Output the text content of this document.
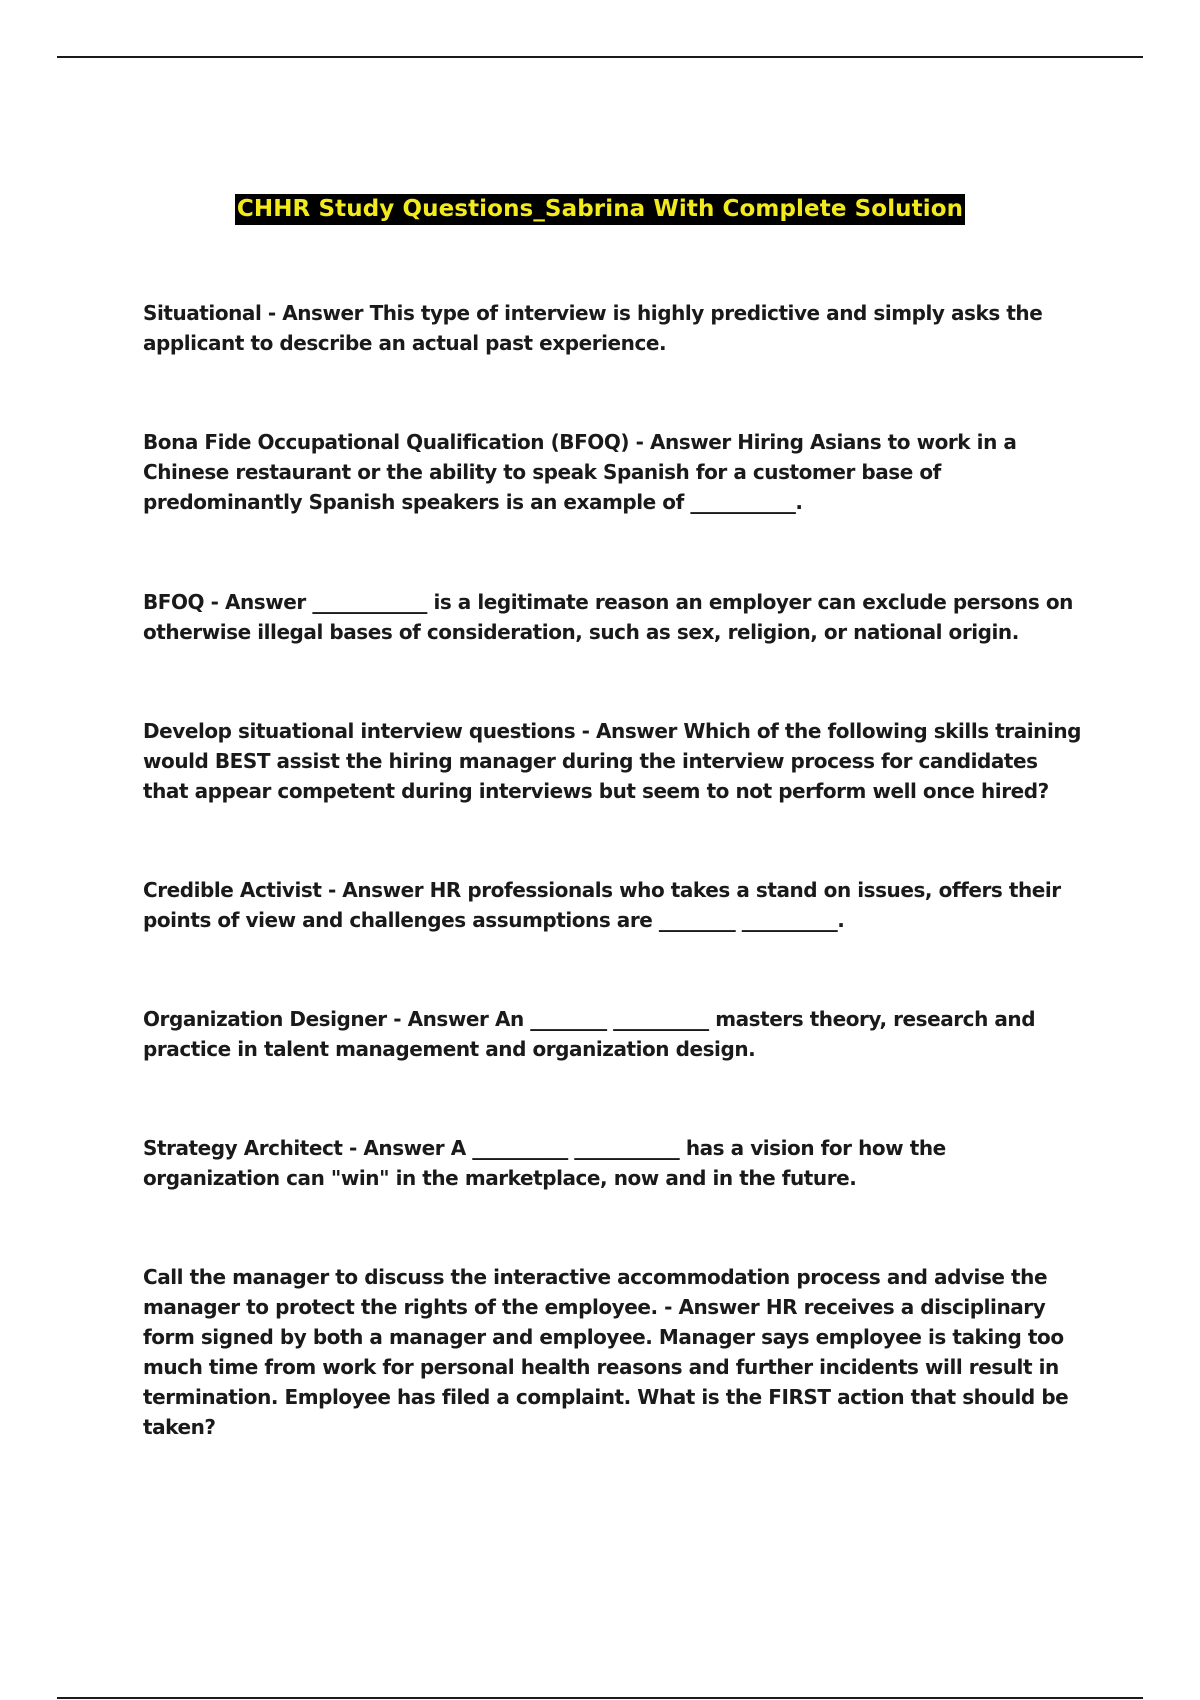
CHHR Study Questions_Sabrina With Complete Solution

Situational - Answer This type of interview is highly predictive and simply asks the applicant to describe an actual past experience.

Bona Fide Occupational Qualification (BFOQ) - Answer Hiring Asians to work in a Chinese restaurant or the ability to speak Spanish for a customer base of predominantly Spanish speakers is an example of ___________.

BFOQ - Answer ____________ is a legitimate reason an employer can exclude persons on otherwise illegal bases of consideration, such as sex, religion, or national origin.

Develop situational interview questions - Answer Which of the following skills training would BEST assist the hiring manager during the interview process for candidates that appear competent during interviews but seem to not perform well once hired?

Credible Activist - Answer HR professionals who takes a stand on issues, offers their points of view and challenges assumptions are ________ __________.

Organization Designer - Answer An ________ __________ masters theory, research and practice in talent management and organization design.

Strategy Architect - Answer A __________ ___________ has a vision for how the organization can "win" in the marketplace, now and in the future.

Call the manager to discuss the interactive accommodation process and advise the manager to protect the rights of the employee. - Answer HR receives a disciplinary form signed by both a manager and employee. Manager says employee is taking too much time from work for personal health reasons and further incidents will result in termination. Employee has filed a complaint. What is the FIRST action that should be taken?
